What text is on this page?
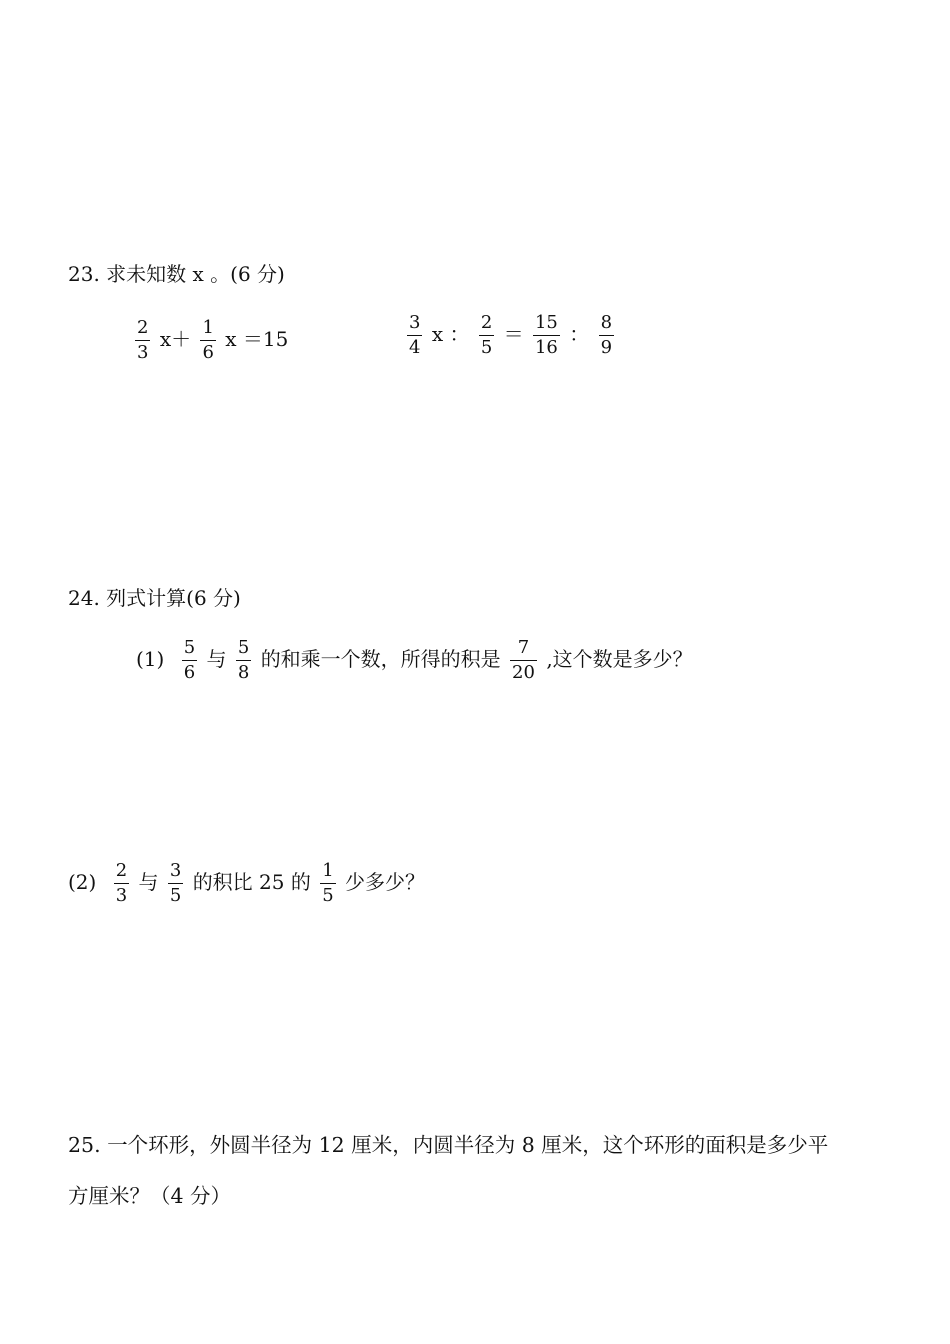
23. 求未知数 x 。(6 分)
$\frac{2}{3} x+ \frac{1}{6}$ x ＝15	$\frac{3}{4}$ x ： $\frac{2}{5} = \frac{15}{16}$ ： $\frac{8}{9}$
24. 列式计算(6 分)
$(1) \frac{5}{6}$ 与 $\frac{5}{8}$ 的和乘一个数，所得的积是 $\frac{7}{20}$ ,这个数是多少？
$(2) \frac{2}{3}$ 与 $\frac{3}{5}$ 的积比 25 的 $\frac{1}{5}$ 少多少？
25. 一个环形，外圆半径为 12 厘米，内圆半径为 8 厘米，这个环形的面积是多少平
方厘米？（4 分）
